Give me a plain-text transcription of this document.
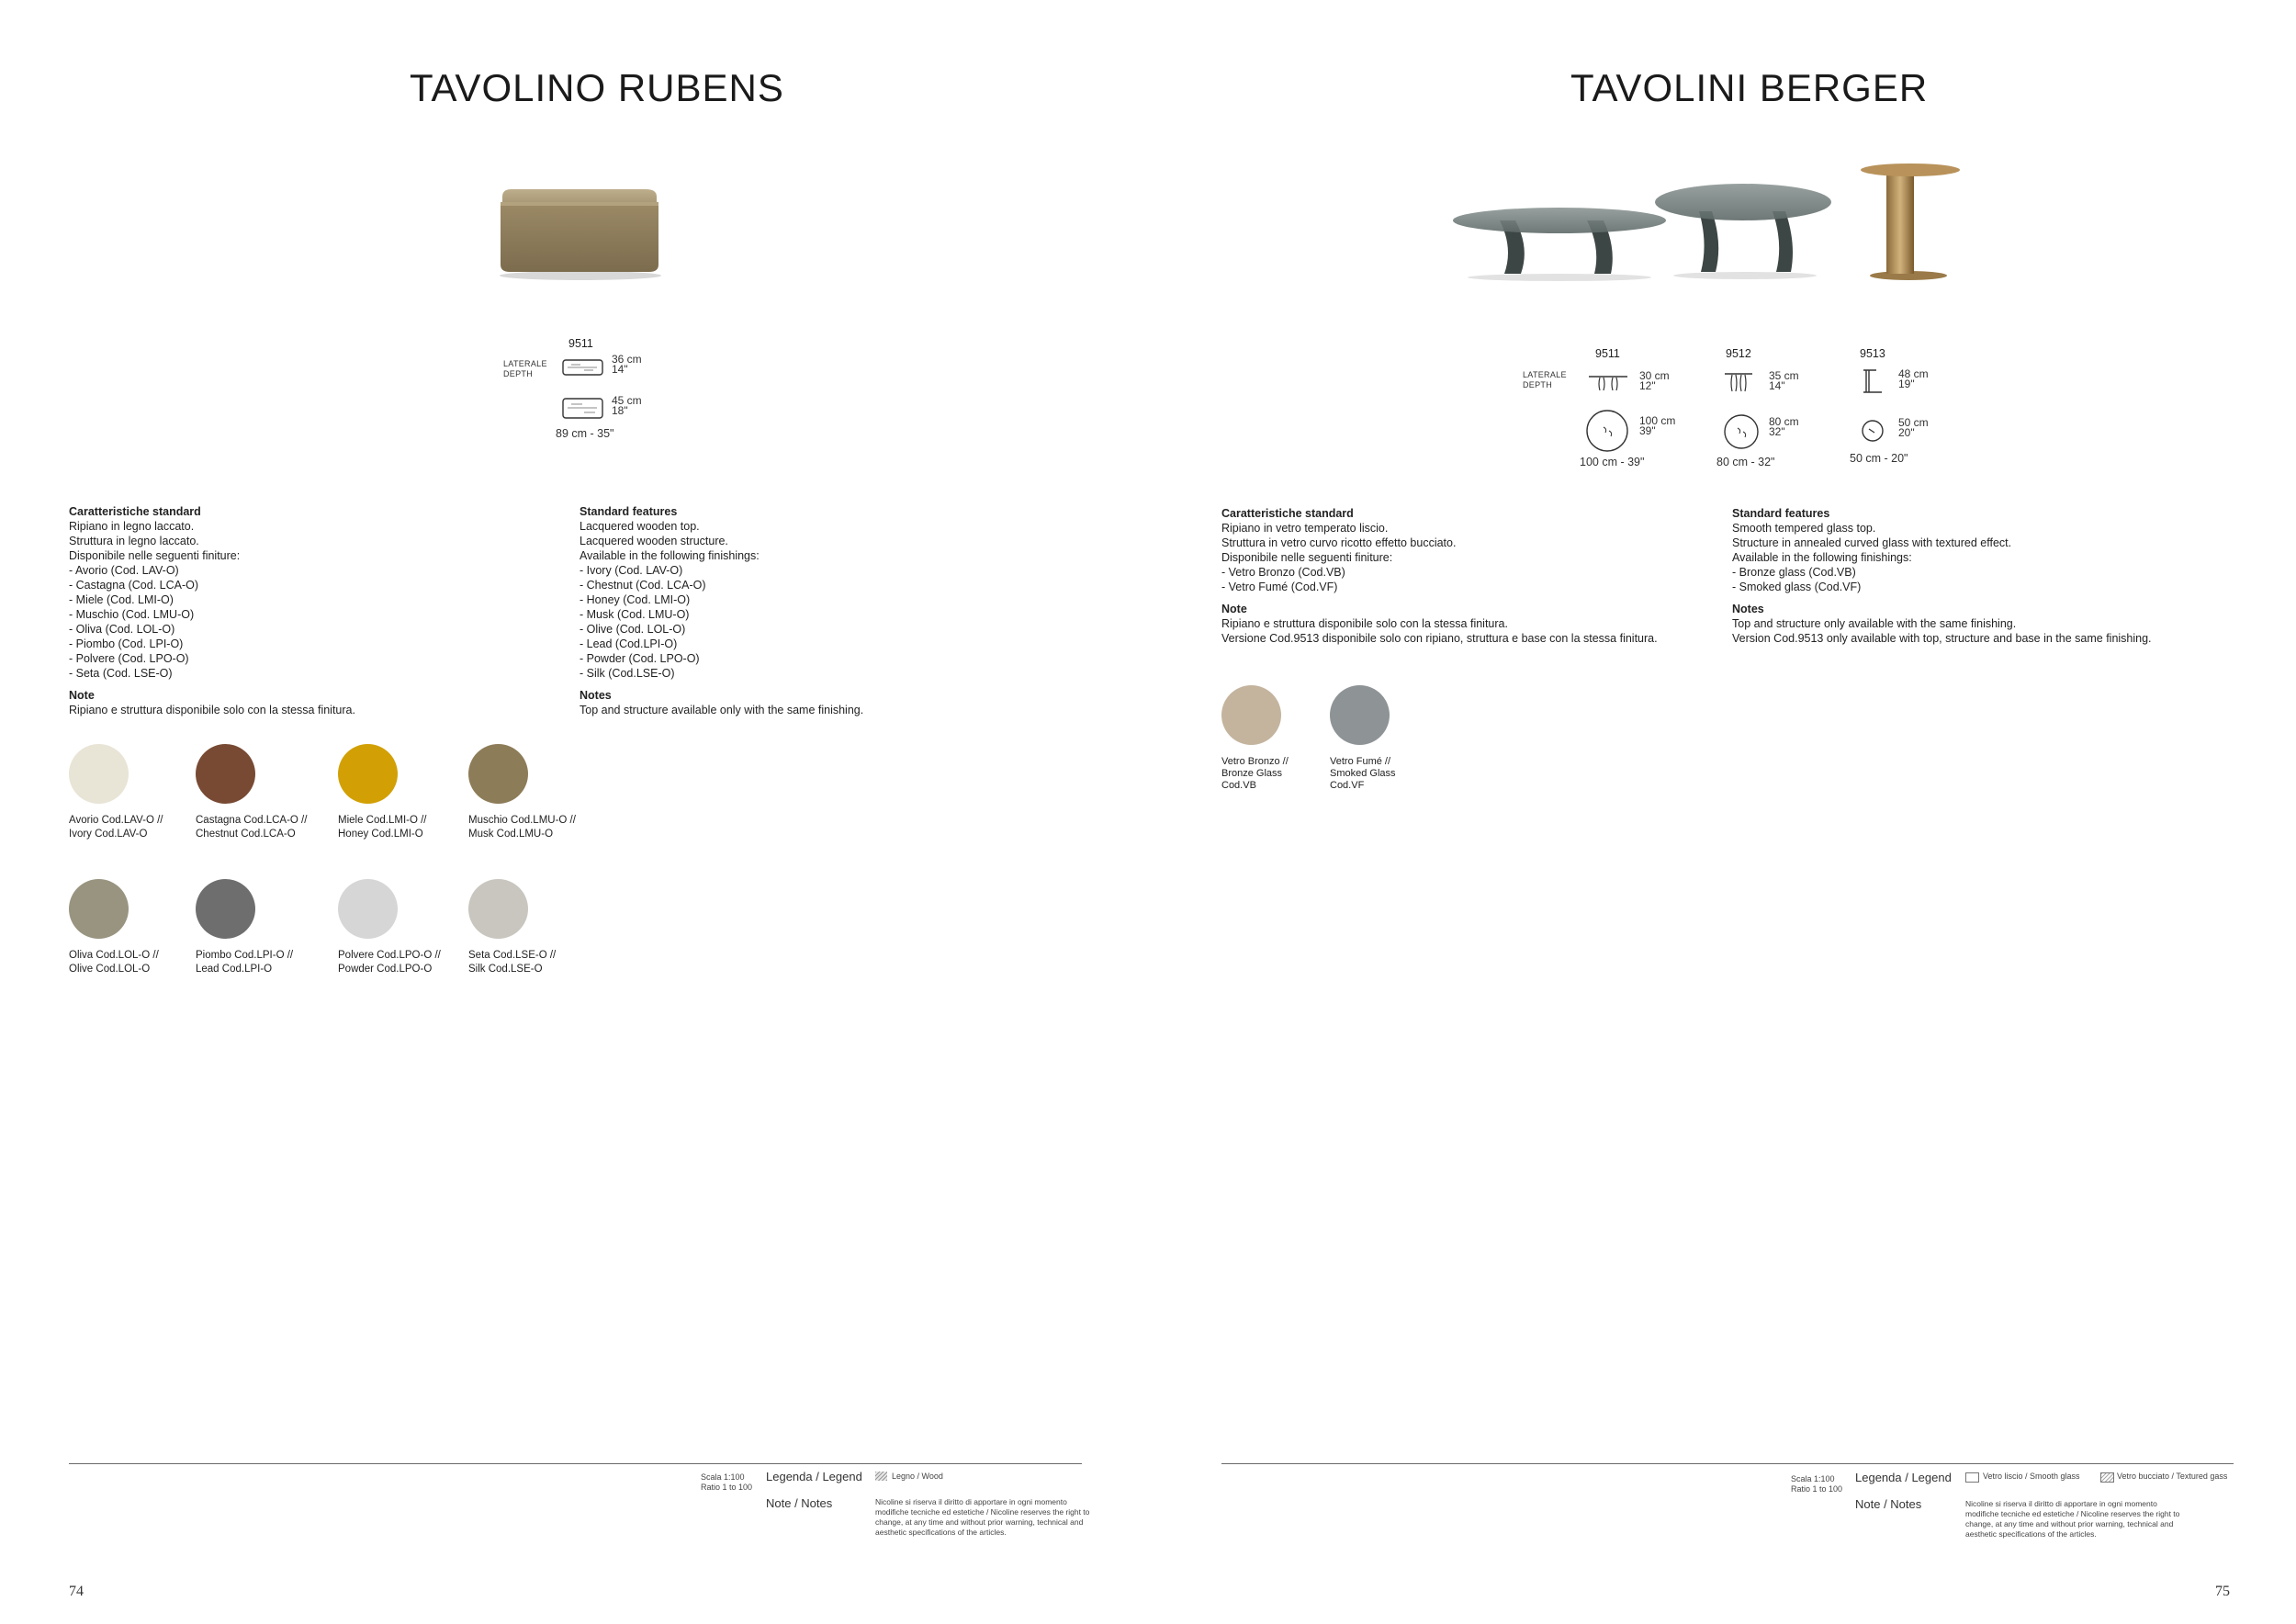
TAVOLINO RUBENS
9511
LATERALE
DEPTH
36 cm
14"
45 cm
18"
89 cm - 35"
Caratteristiche standard
Ripiano in legno laccato.
Struttura in legno laccato.
Disponibile nelle seguenti finiture:
- Avorio (Cod. LAV-O)
- Castagna (Cod. LCA-O)
- Miele (Cod. LMI-O)
- Muschio (Cod. LMU-O)
- Oliva (Cod. LOL-O)
- Piombo (Cod. LPI-O)
- Polvere (Cod. LPO-O)
- Seta (Cod. LSE-O)
Note
Ripiano e struttura disponibile solo con la stessa finitura.
Standard features
Lacquered wooden top.
Lacquered wooden structure.
Available in the following finishings:
- Ivory (Cod. LAV-O)
- Chestnut (Cod. LCA-O)
- Honey (Cod. LMI-O)
- Musk (Cod. LMU-O)
- Olive (Cod. LOL-O)
- Lead (Cod.LPI-O)
- Powder (Cod. LPO-O)
- Silk (Cod.LSE-O)
Notes
Top and structure available only with the same finishing.
Avorio Cod.LAV-O //
Ivory Cod.LAV-O
Castagna Cod.LCA-O //
Chestnut Cod.LCA-O
Miele Cod.LMI-O //
Honey Cod.LMI-O
Muschio Cod.LMU-O //
Musk Cod.LMU-O
Oliva Cod.LOL-O //
Olive Cod.LOL-O
Piombo Cod.LPI-O //
Lead Cod.LPI-O
Polvere Cod.LPO-O //
Powder Cod.LPO-O
Seta Cod.LSE-O //
Silk Cod.LSE-O
Scala 1:100
Ratio 1 to 100
Legenda / Legend	Legno / Wood
Note / Notes	Nicoline si riserva il diritto di apportare in ogni momento modifiche tecniche ed estetiche / Nicoline reserves the right to change, at any time and without prior warning, technical and aesthetic specifications of the articles.
74
TAVOLINI BERGER
9511	9512	9513
LATERALE
DEPTH
30 cm
12"
35 cm
14"
48 cm
19"
100 cm
39"
80 cm
32"
50 cm
20"
100 cm - 39"	80 cm - 32"	50 cm - 20"
Caratteristiche standard
Ripiano in vetro temperato liscio.
Struttura in vetro curvo ricotto effetto bucciato.
Disponibile nelle seguenti finiture:
- Vetro Bronzo (Cod.VB)
- Vetro Fumé (Cod.VF)
Note
Ripiano e struttura disponibile solo con la stessa finitura.
Versione Cod.9513 disponibile solo con ripiano, struttura e base con la stessa finitura.
Standard features
Smooth tempered glass top.
Structure in annealed curved glass with textured effect.
Available in the following finishings:
- Bronze glass (Cod.VB)
- Smoked glass (Cod.VF)
Notes
Top and structure only available with the same finishing.
Version Cod.9513 only available with top, structure and base in the same finishing.
Vetro Bronzo //
Bronze Glass
Cod.VB
Vetro Fumé //
Smoked Glass
Cod.VF
Scala 1:100
Ratio 1 to 100
Legenda / Legend	Vetro liscio / Smooth glass	Vetro bucciato / Textured gass
Note / Notes	Nicoline si riserva il diritto di apportare in ogni momento modifiche tecniche ed estetiche / Nicoline reserves the right to change, at any time and without prior warning, technical and aesthetic specifications of the articles.
75
